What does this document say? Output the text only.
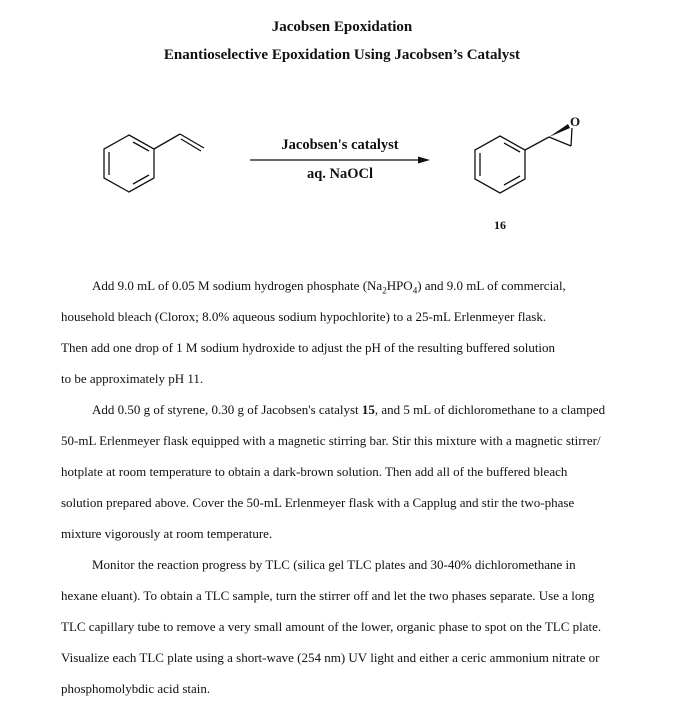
Jacobsen Epoxidation
Enantioselective Epoxidation Using Jacobsen’s Catalyst
O
Jacobsen's catalyst
aq. NaOCl
16

Add 9.0 mL of 0.05 M sodium hydrogen phosphate $(Na_2HPO_4)$ and 9.0 mL of commercial,
household bleach (Clorox; 8.0% aqueous sodium hypochlorite) to a 25-mL Erlenmeyer flask.
Then add one drop of 1 M sodium hydroxide to adjust the pH of the resulting buffered solution
to be approximately pH 11.

Add 0.50 g of styrene, 0.30 g of Jacobsen's catalyst 15, and 5 mL of dichloromethane to a clamped
50-mL Erlenmeyer flask equipped with a magnetic stirring bar. Stir this mixture with a magnetic stirrer/
hotplate at room temperature to obtain a dark-brown solution. Then add all of the buffered bleach
solution prepared above. Cover the 50-mL Erlenmeyer flask with a Capplug and stir the two-phase
mixture vigorously at room temperature.

Monitor the reaction progress by TLC (silica gel TLC plates and 30-40% dichloromethane in
hexane eluant). To obtain a TLC sample, turn the stirrer off and let the two phases separate. Use a long
TLC capillary tube to remove a very small amount of the lower, organic phase to spot on the TLC plate.
Visualize each TLC plate using a short-wave (254 nm) UV light and either a ceric ammonium nitrate or
phosphomolybdic acid stain.
